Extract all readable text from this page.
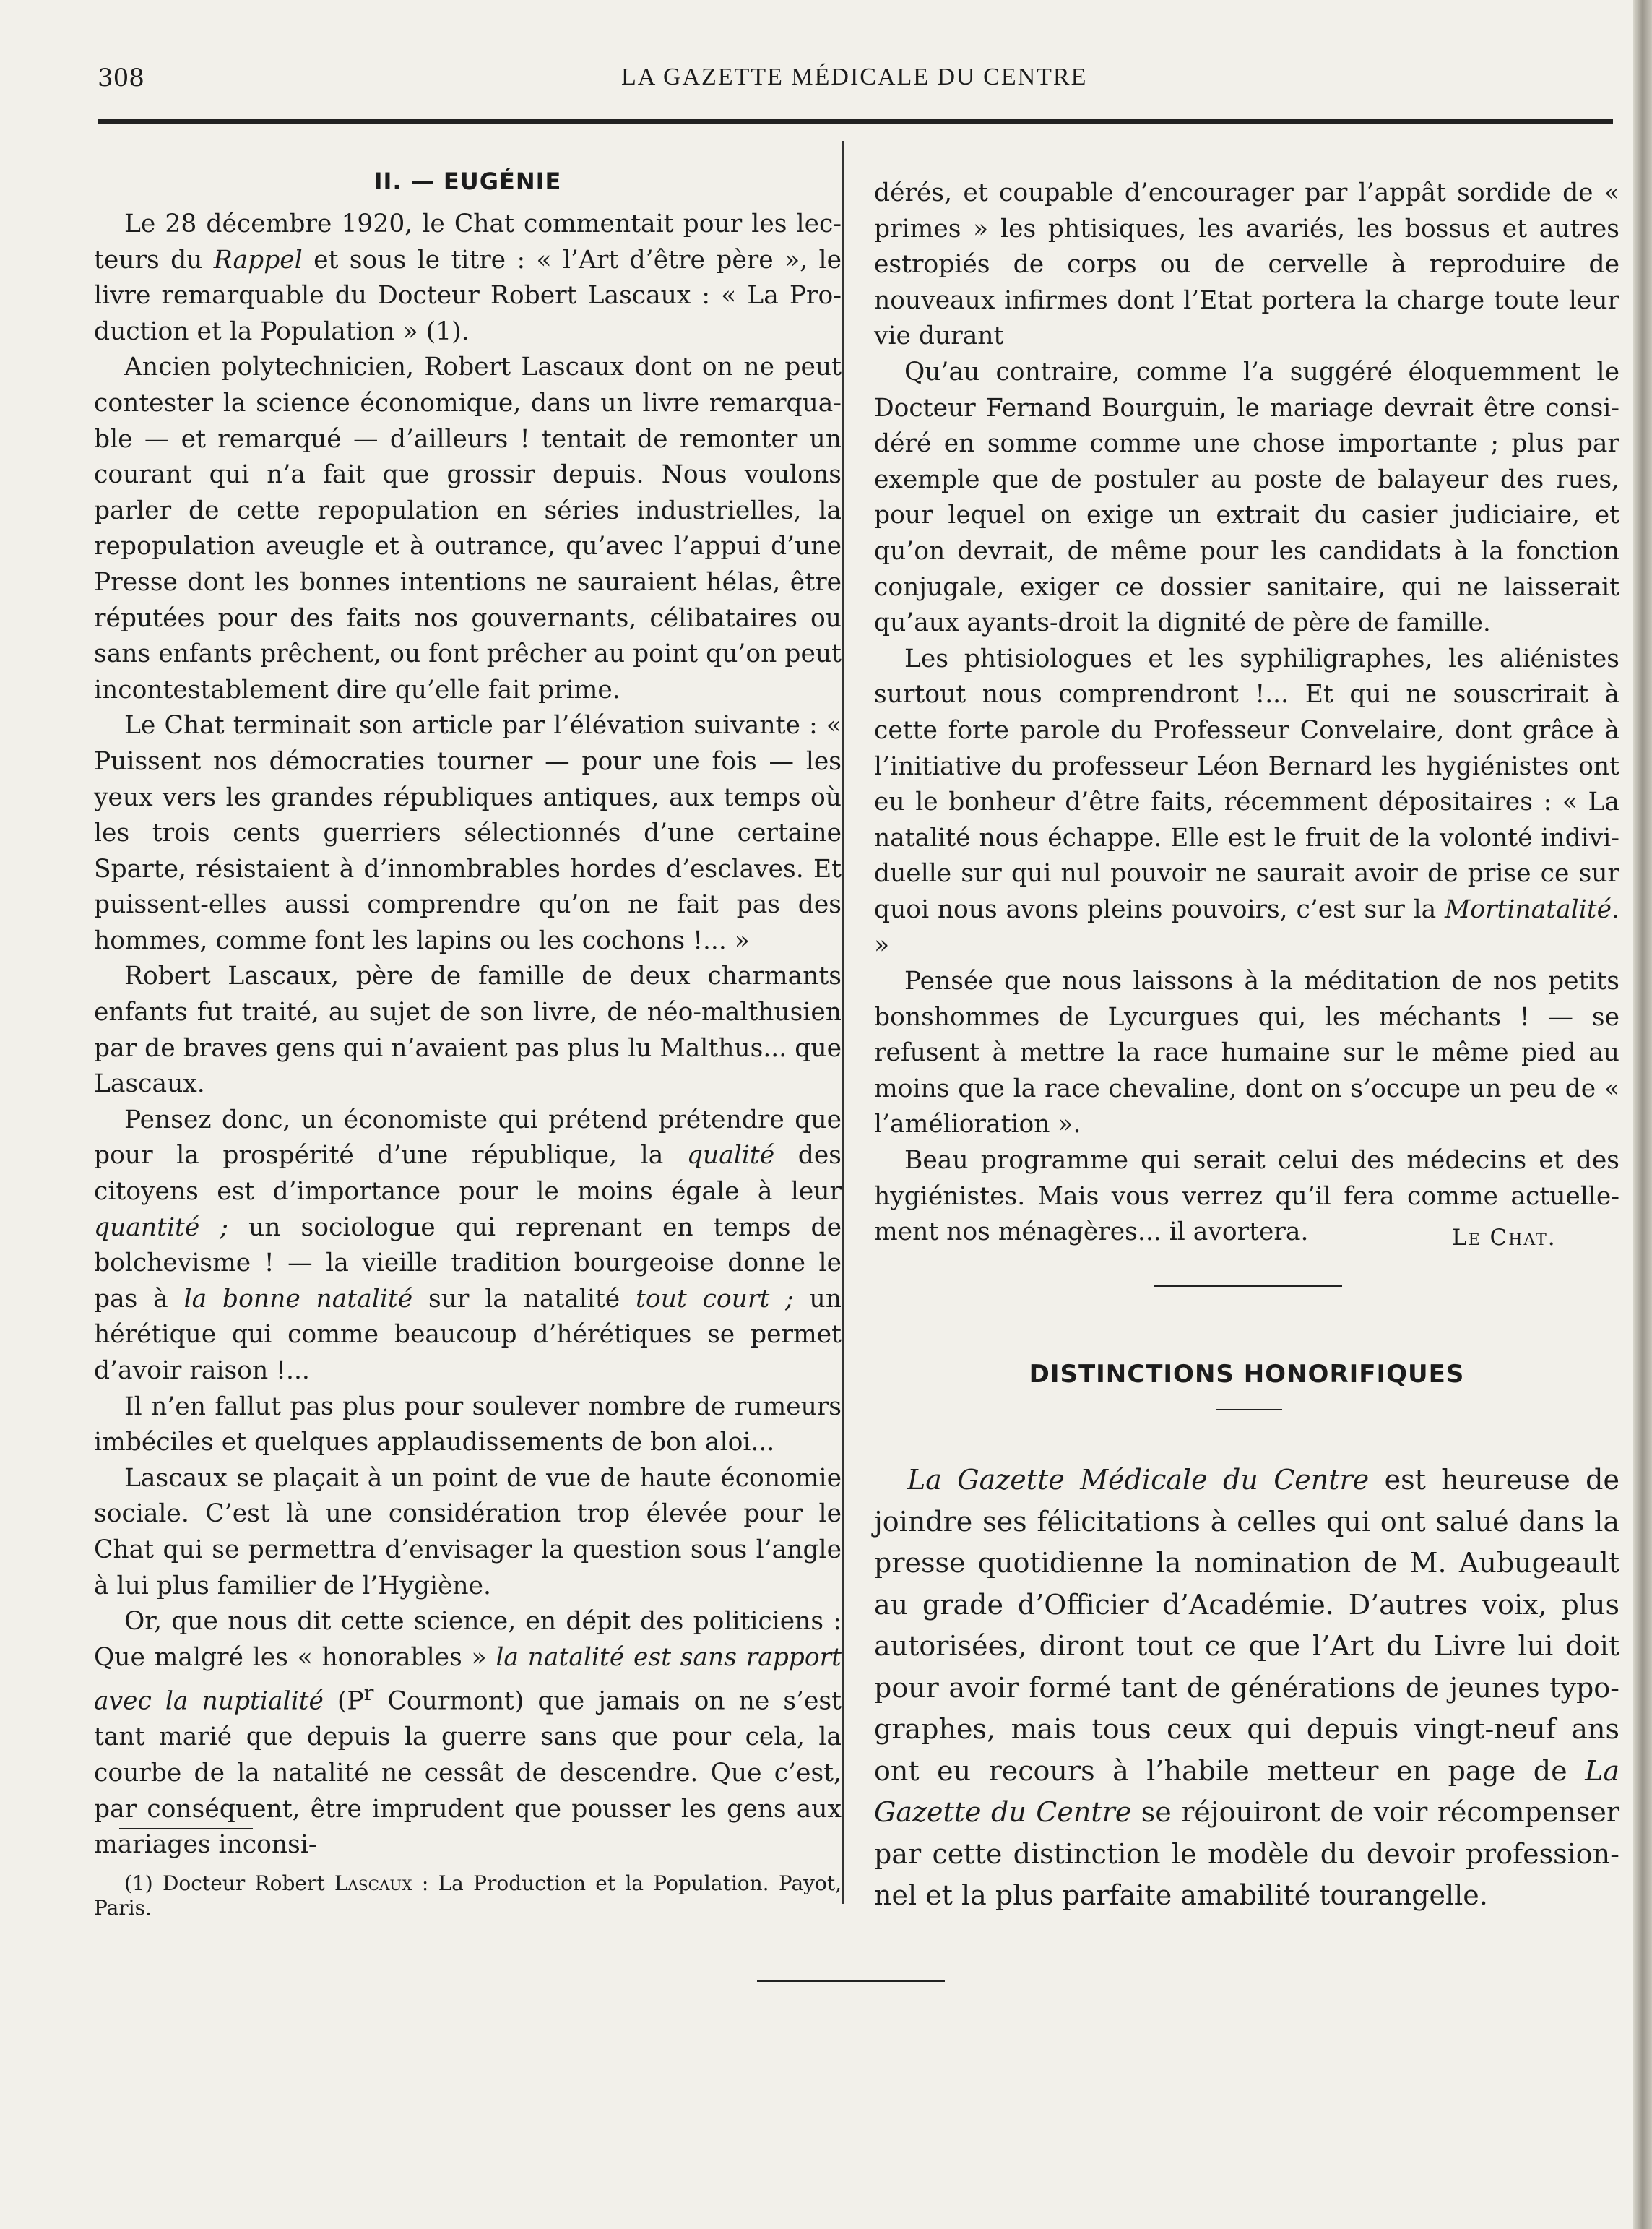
308	LA GAZETTE MÉDICALE DU CENTRE
II. — EUGÉNIE

Le 28 décembre 1920, le Chat commentait pour les lecteurs du Rappel et sous le titre : « l’Art d’être père », le livre remarquable du Docteur Robert Lascaux : « La Production et la Population » (1).

Ancien polytechnicien, Robert Lascaux dont on ne peut contester la science économique, dans un livre remarquable — et remarqué — d’ailleurs ! tentait de remonter un courant qui n’a fait que grossir depuis. Nous voulons parler de cette repopulation en séries industrielles, la repopulation aveugle et à outrance, qu’avec l’appui d’une Presse dont les bonnes intentions ne sauraient hélas, être réputées pour des faits nos gouvernants, célibataires ou sans enfants prêchent, ou font prêcher au point qu’on peut incontestablement dire qu’elle fait prime.

Le Chat terminait son article par l’élévation suivante : « Puissent nos démocraties tourner — pour une fois — les yeux vers les grandes républiques antiques, aux temps où les trois cents guerriers sélectionnés d’une certaine Sparte, résistaient à d’innombrables hordes d’esclaves. Et puissent-elles aussi comprendre qu’on ne fait pas des hommes, comme font les lapins ou les cochons !... »

Robert Lascaux, père de famille de deux charmants enfants fut traité, au sujet de son livre, de néo-malthusien par de braves gens qui n’avaient pas plus lu Malthus... que Lascaux.

Pensez donc, un économiste qui prétend prétendre que pour la prospérité d’une république, la qualité des citoyens est d’importance pour le moins égale à leur quantité ; un sociologue qui reprenant en temps de bolchevisme ! — la vieille tradition bourgeoise donne le pas à la bonne natalité sur la natalité tout court ; un hérétique qui comme beaucoup d’hérétiques se permet d’avoir raison !...

Il n’en fallut pas plus pour soulever nombre de rumeurs imbéciles et quelques applaudissements de bon aloi...

Lascaux se plaçait à un point de vue de haute économie sociale. C’est là une considération trop élevée pour le Chat qui se permettra d’envisager la question sous l’angle à lui plus familier de l’Hygiène.

Or, que nous dit cette science, en dépit des politiciens : Que malgré les « honorables » la natalité est sans rapport avec la nuptialité ($P^r$ Courmont) que jamais on ne s’est tant marié que depuis la guerre sans que pour cela, la courbe de la natalité ne cessât de descendre. Que c’est, par conséquent, être imprudent que pousser les gens aux mariages inconsi-

(1) Docteur Robert Lascaux : La Production et la Population. Payot, Paris.

dérés, et coupable d’encourager par l’appât sordide de « primes » les phtisiques, les avariés, les bossus et autres estropiés de corps ou de cervelle à reproduire de nouveaux infirmes dont l’Etat portera la charge toute leur vie durant

Qu’au contraire, comme l’a suggéré éloquemment le Docteur Fernand Bourguin, le mariage devrait être considéré en somme comme une chose importante ; plus par exemple que de postuler au poste de balayeur des rues, pour lequel on exige un extrait du casier judiciaire, et qu’on devrait, de même pour les candidats à la fonction conjugale, exiger ce dossier sanitaire, qui ne laisserait qu’aux ayants-droit la dignité de père de famille.

Les phtisiologues et les syphiligraphes, les aliénistes surtout nous comprendront !... Et qui ne souscrirait à cette forte parole du Professeur Convelaire, dont grâce à l’initiative du professeur Léon Bernard les hygiénistes ont eu le bonheur d’être faits, récemment dépositaires : « La natalité nous échappe. Elle est le fruit de la volonté individuelle sur qui nul pouvoir ne saurait avoir de prise ce sur quoi nous avons pleins pouvoirs, c’est sur la Mortinatalité. »

Pensée que nous laissons à la méditation de nos petits bonshommes de Lycurgues qui, les méchants ! — se refusent à mettre la race humaine sur le même pied au moins que la race chevaline, dont on s’occupe un peu de « l’amélioration ».

Beau programme qui serait celui des médecins et des hygiénistes. Mais vous verrez qu’il fera comme actuellement nos ménagères... il avortera.	Le Chat.
DISTINCTIONS HONORIFIQUES

La Gazette Médicale du Centre est heureuse de joindre ses félicitations à celles qui ont salué dans la presse quotidienne la nomination de M. Aubugeault au grade d’Officier d’Académie. D’autres voix, plus autorisées, diront tout ce que l’Art du Livre lui doit pour avoir formé tant de générations de jeunes typographes, mais tous ceux qui depuis vingt-neuf ans ont eu recours à l’habile metteur en page de La Gazette du Centre se réjouiront de voir récompenser par cette distinction le modèle du devoir professionnel et la plus parfaite amabilité tourangelle.
